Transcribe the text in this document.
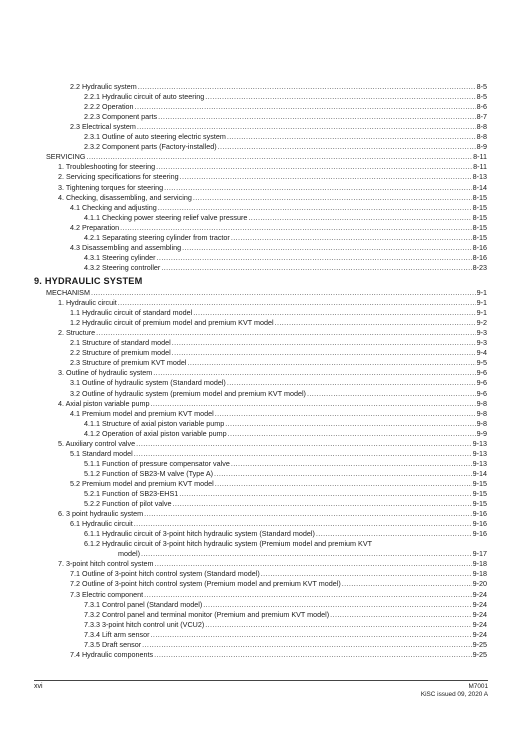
2.2 Hydraulic system .....	8-5
2.2.1 Hydraulic circuit of auto steering .....	8-5
2.2.2 Operation .....	8-6
2.2.3 Component parts .....	8-7
2.3 Electrical system .....	8-8
2.3.1 Outline of auto steering electric system .....	8-8
2.3.2 Component parts (Factory-installed) .....	8-9
SERVICING .....	8-11
1. Troubleshooting for steering .....	8-11
2. Servicing specifications for steering .....	8-13
3. Tightening torques for steering .....	8-14
4. Checking, disassembling, and servicing .....	8-15
4.1 Checking and adjusting .....	8-15
4.1.1 Checking power steering relief valve pressure .....	8-15
4.2 Preparation .....	8-15
4.2.1 Separating steering cylinder from tractor .....	8-15
4.3 Disassembling and assembling .....	8-16
4.3.1 Steering cylinder .....	8-16
4.3.2 Steering controller .....	8-23
MECHANISM .....	9-1
1. Hydraulic circuit .....	9-1
1.1 Hydraulic circuit of standard model .....	9-1
1.2 Hydraulic circuit of premium model and premium KVT model .....	9-2
2. Structure .....	9-3
2.1 Structure of standard model .....	9-3
2.2 Structure of premium model .....	9-4
2.3 Structure of premium KVT model .....	9-5
3. Outline of hydraulic system .....	9-6
3.1 Outline of hydraulic system (Standard model) .....	9-6
3.2 Outline of hydraulic system (premium model and premium KVT model) .....	9-6
4. Axial piston variable pump .....	9-8
4.1 Premium model and premium KVT model .....	9-8
4.1.1 Structure of axial piston variable pump .....	9-8
4.1.2 Operation of axial piston variable pump .....	9-9
5. Auxiliary control valve .....	9-13
5.1 Standard model .....	9-13
5.1.1 Function of pressure compensator valve .....	9-13
5.1.2 Function of SB23-M valve (Type A) .....	9-14
5.2 Premium model and premium KVT model .....	9-15
5.2.1 Function of SB23-EHS1 .....	9-15
5.2.2 Function of pilot valve .....	9-15
6. 3 point hydraulic system .....	9-16
6.1 Hydraulic circuit .....	9-16
6.1.1 Hydraulic circuit of 3-point hitch hydraulic system (Standard model) .....	9-16
6.1.2 Hydraulic circuit of 3-point hitch hydraulic system (Premium model and premium KVT
model) .....	9-17
7. 3-point hitch control system .....	9-18
7.1 Outline of 3-point hitch control system (Standard model) .....	9-18
7.2 Outline of 3-point hitch control system (Premium model and premium KVT model) .....	9-20
7.3 Electric component .....	9-24
7.3.1 Control panel (Standard model) .....	9-24
7.3.2 Control panel and terminal monitor (Premium and premium KVT model) .....	9-24
7.3.3 3-point hitch control unit (VCU2) .....	9-24
7.3.4 Lift arm sensor .....	9-24
7.3.5 Draft sensor .....	9-25
7.4 Hydraulic components .....	9-25
9. HYDRAULIC SYSTEM
xvi	M7001
KiSC issued 09, 2020 A
